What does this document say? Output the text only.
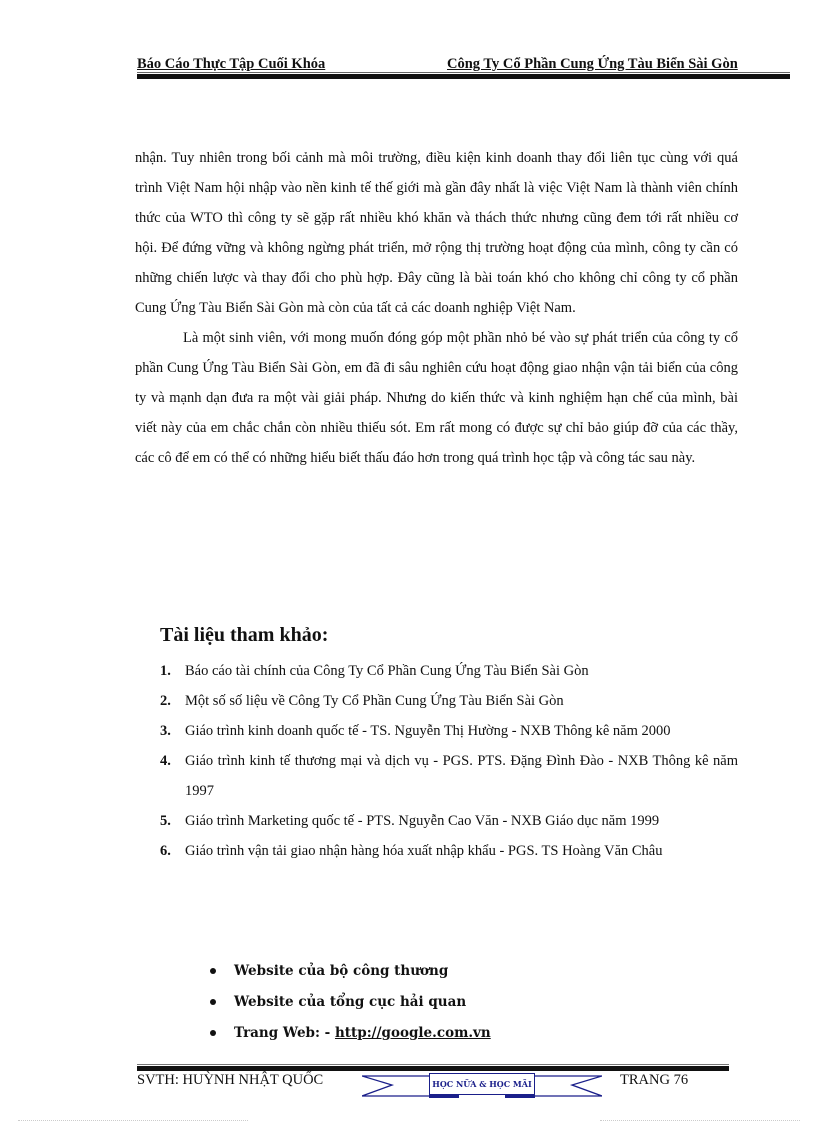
Báo Cáo Thực Tập Cuối Khóa	Công Ty Cổ Phần Cung Ứng Tàu Biển Sài Gòn

nhận. Tuy nhiên trong bối cảnh mà môi trường, điều kiện kinh doanh thay đổi liên tục cùng với quá trình Việt Nam hội nhập vào nền kinh tế thế giới mà gần đây nhất là việc Việt Nam là thành viên chính thức của WTO thì công ty sẽ gặp rất nhiều khó khăn và thách thức nhưng cũng đem tới rất nhiều cơ hội. Để đứng vững và không ngừng phát triển, mở rộng thị trường hoạt động của mình, công ty cần có những chiến lược và thay đổi cho phù hợp. Đây cũng là bài toán khó cho không chỉ công ty cổ phần Cung Ứng Tàu Biển Sài Gòn mà còn của tất cả các doanh nghiệp Việt Nam.

Là một sinh viên, với mong muốn đóng góp một phần nhỏ bé vào sự phát triển của công ty cổ phần Cung Ứng Tàu Biển Sài Gòn, em đã đi sâu nghiên cứu hoạt động giao nhận vận tải biển của công ty và mạnh dạn đưa ra một vài giải pháp. Nhưng do kiến thức và kinh nghiệm hạn chế của mình, bài viết này của em chắc chắn còn nhiều thiếu sót. Em rất mong có được sự chỉ bảo giúp đỡ của các thầy, các cô để em có thể có những hiểu biết thấu đáo hơn trong quá trình học tập và công tác sau này.

Tài liệu tham khảo:
1. Báo cáo tài chính của Công Ty Cổ Phần Cung Ứng Tàu Biển Sài Gòn
2. Một số số liệu về Công Ty Cổ Phần Cung Ứng Tàu Biển Sài Gòn
3. Giáo trình kinh doanh quốc tế - TS. Nguyễn Thị Hường - NXB Thông kê năm 2000
4. Giáo trình kinh tế thương mại và dịch vụ - PGS. PTS. Đặng Đình Đào - NXB Thông kê năm 1997
5. Giáo trình Marketing quốc tế - PTS. Nguyễn Cao Văn - NXB Giáo dục năm 1999
6. Giáo trình vận tải giao nhận hàng hóa xuất nhập khẩu - PGS. TS Hoàng Văn Châu
Website của bộ công thương
Website của tổng cục hải quan
Trang Web: - http://google.com.vn
SVTH: HUỲNH NHẬT QUỐC	HỌC NỮA & HỌC MÃI	TRANG 76
